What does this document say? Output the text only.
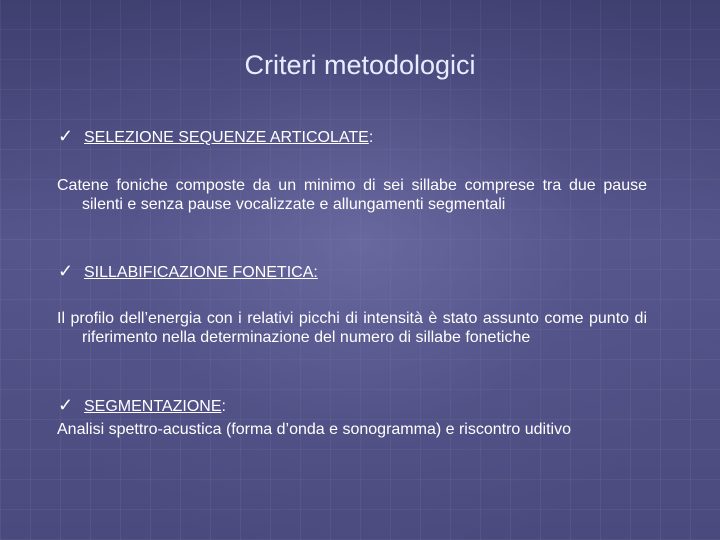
Criteri metodologici
✓ SELEZIONE SEQUENZE ARTICOLATE :
Catene foniche composte da un minimo di sei sillabe comprese tra due pause silenti e senza pause vocalizzate e allungamenti segmentali
✓ SILLABIFICAZIONE FONETICA:
Il profilo dell’energia con i relativi picchi di intensità è stato assunto come punto di riferimento nella determinazione del numero di sillabe fonetiche
✓ SEGMENTAZIONE :
Analisi spettro-acustica (forma d’onda e sonogramma) e riscontro uditivo
